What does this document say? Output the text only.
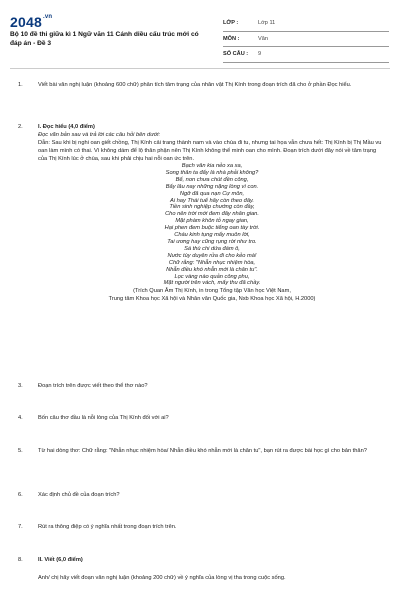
$2048^{.vn}$
Bộ 10 đề thi giữa kì 1 Ngữ văn 11 Cánh diều cấu trúc mới có đáp án - Đề 3
LỚP :	Lớp 11
MÔN :	Văn
SỐ CÂU :	9
1.	Viết bài văn nghị luận (khoảng 600 chữ) phân tích tâm trạng của nhân vật Thị Kính trong đoạn trích đã cho ở phần Đọc hiểu.
2.	I. Đọc hiểu (4,0 điểm)
Đọc văn bản sau và trả lời các câu hỏi bên dưới:
Dẫn: Sau khi bị nghi oan giết chồng, Thị Kính cải trang thành nam và vào chùa đi tu, nhưng tai họa vẫn chưa hết: Thị Kính bị Thị Mầu vu oan làm mình có thai. Vì không dám để lộ thân phận nên Thị Kính không thể minh oan cho mình. Đoạn trích dưới đây nói về tâm trạng của Thị Kính lúc ở chùa, sau khi phải chịu hai nỗi oan ức trên.
Bạch vân kia nẻo xa xa,
Song thân ta đấy là nhà phải không?
Bể, non chưa chút đền công,
Bấy lâu nay những nặng lòng vì con.
Ngỡ đã qua nạn Cự môn,
Ai hay Thái tuế hãy còn theo đây.
Tiền sinh nghiệp chướng còn đầy,
Cho nên trời mới đem đây nhân gian.
Mặt phàm khôn tỏ ngay gian,
Hại phen đem buộc tiếng oan tày trời.
Cháu kinh tụng mấy muôn lời,
Tai ương hay cũng rụng rời như tro.
Sá thù chi dứa đám ô,
Nước tùy duyên rửa đi cho kẻo mà!
Chữ rằng: "Nhẫn nhục nhiệm hòa,
Nhẫn điều khó nhẫn mới là chân tu".
Lọc vàng nào quản công phu,
Mặt người trên vách, mấy thu đã chầy.
(Trích Quan Âm Thị Kính, in trong Tổng tập Văn học Việt Nam,
Trung tâm Khoa học Xã hội và Nhân văn Quốc gia, Nxb Khoa học Xã hội, H.2000)
3.	Đoạn trích trên được viết theo thể thơ nào?
4.	Bốn câu thơ đầu là nỗi lòng của Thị Kính đối với ai?
5.	Từ hai dòng thơ: Chữ rằng: "Nhẫn nhục nhiệm hòa/ Nhẫn điều khó nhẫn mới là chân tu", bạn rút ra được bài học gì cho bản thân?
6.	Xác định chủ đề của đoạn trích?
7.	Rút ra thông điệp có ý nghĩa nhất trong đoạn trích trên.
8.	II. Viết (6,0 điểm)
Anh/ chị hãy viết đoạn văn nghị luận (khoảng 200 chữ) về ý nghĩa của lòng vị tha trong cuộc sống.
